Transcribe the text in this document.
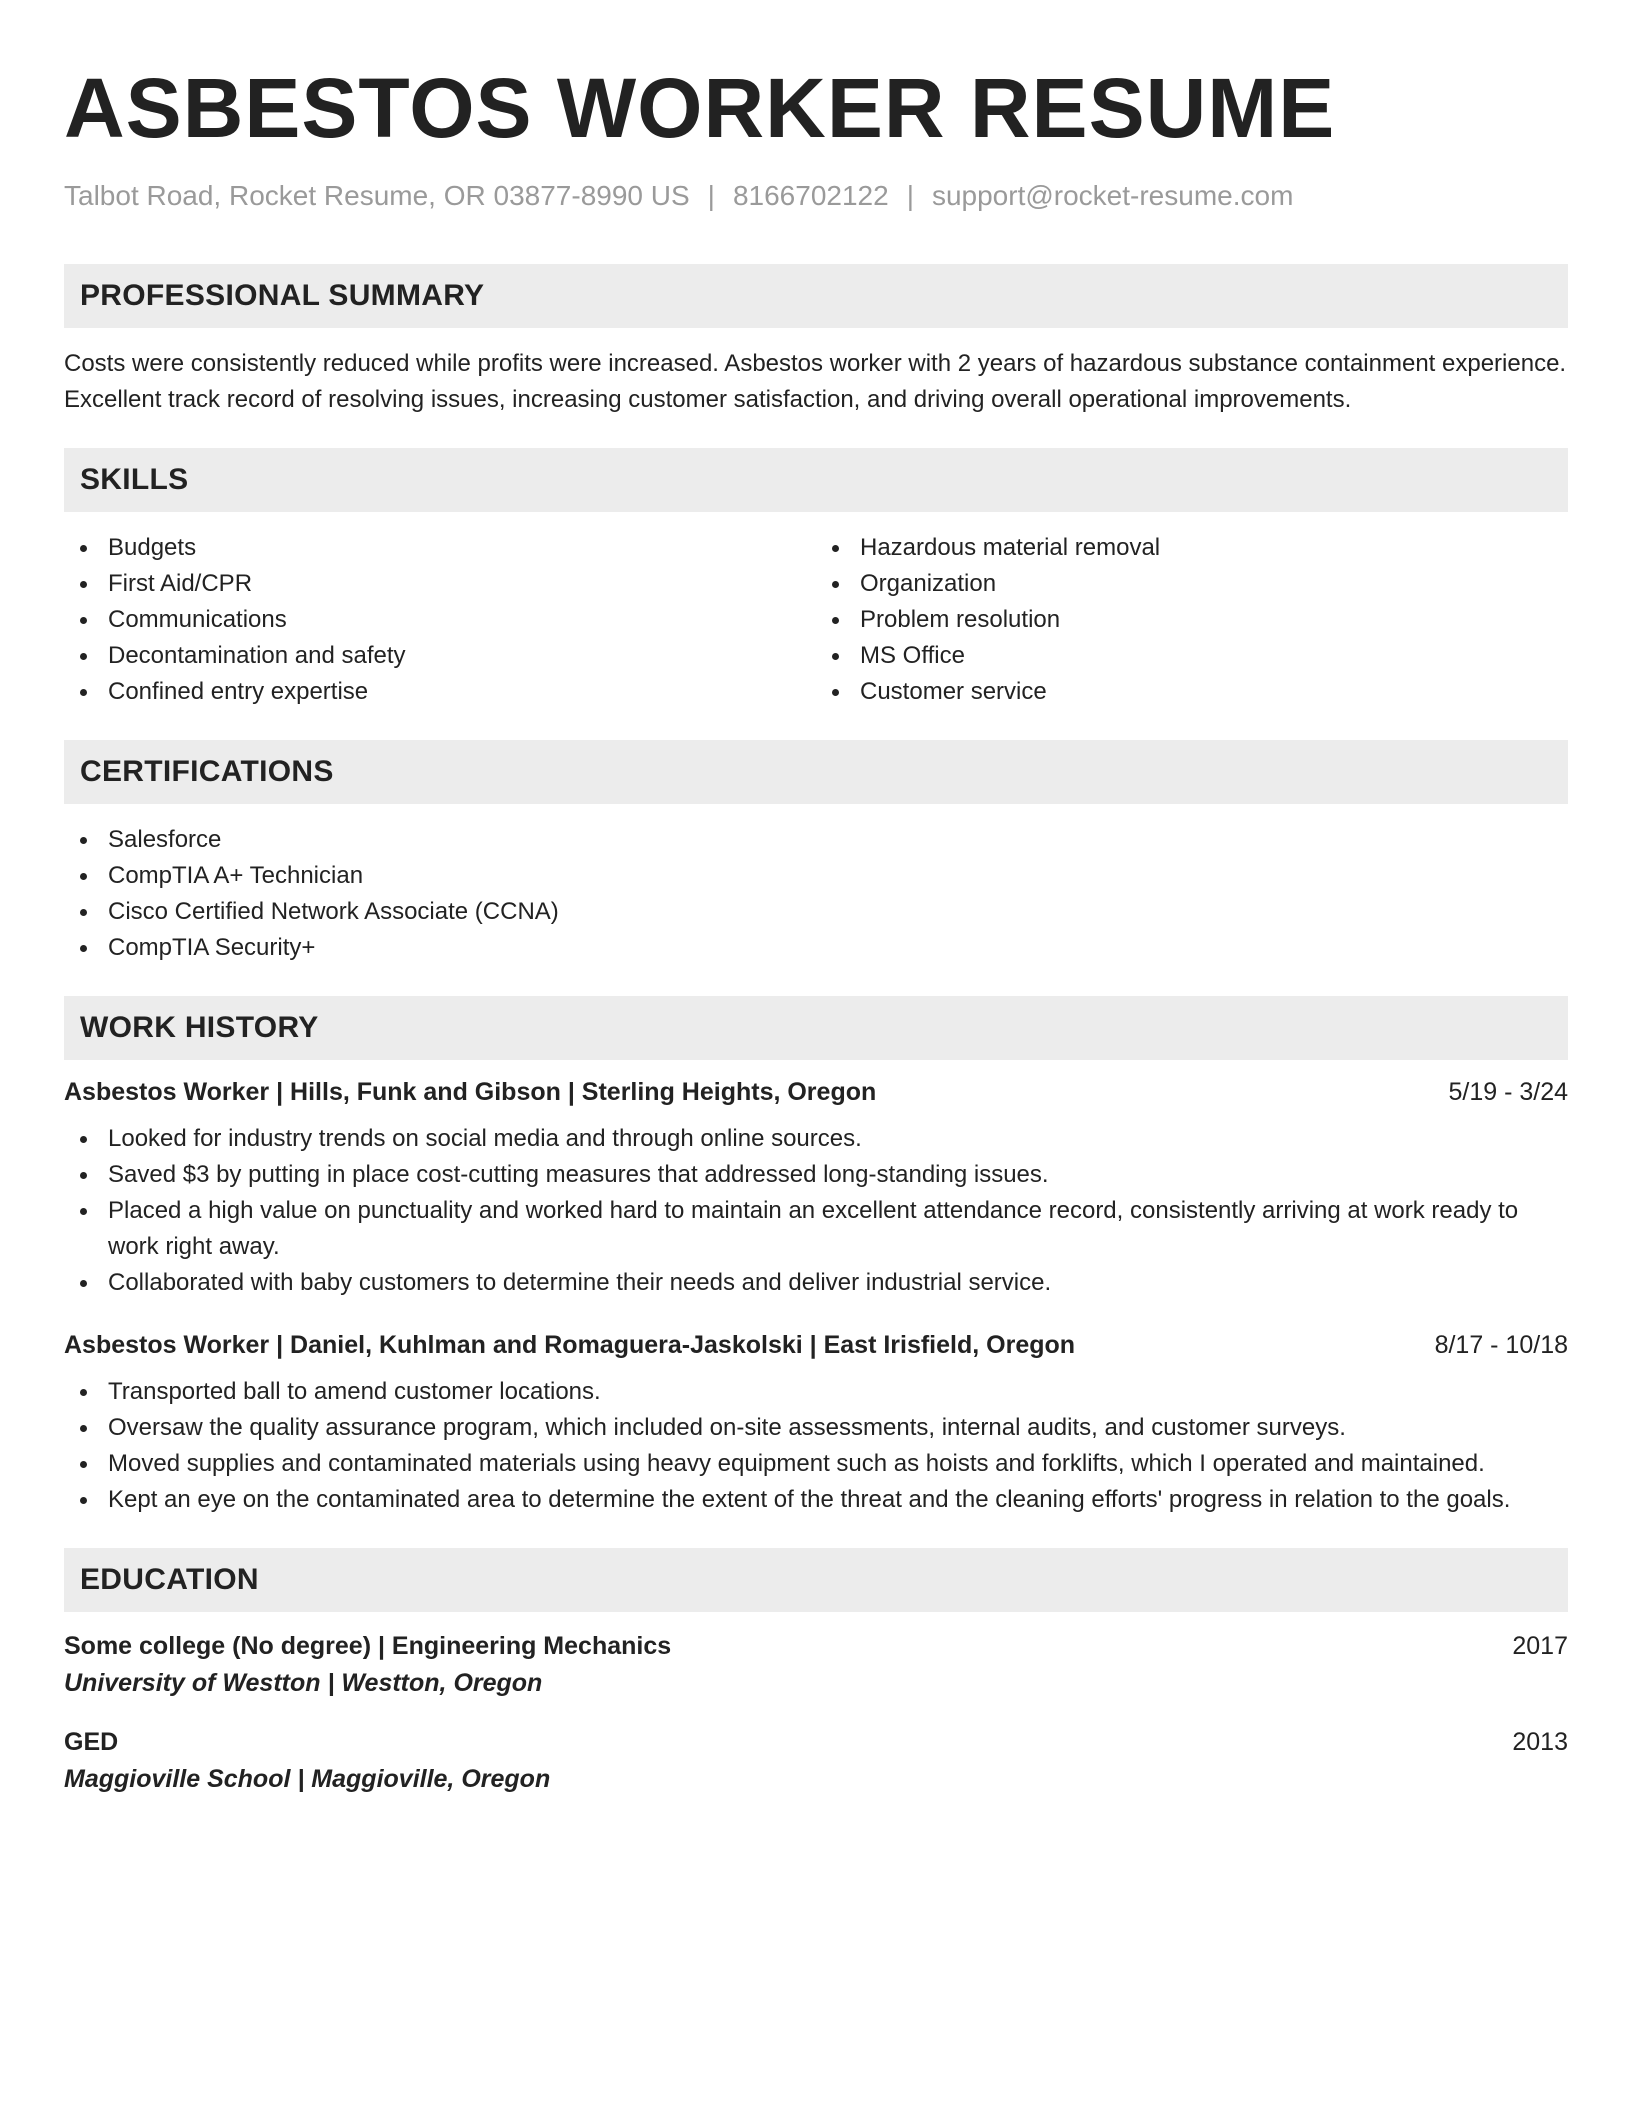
ASBESTOS WORKER RESUME
Talbot Road, Rocket Resume, OR 03877-8990 US | 8166702122 | support@rocket-resume.com
PROFESSIONAL SUMMARY

Costs were consistently reduced while profits were increased. Asbestos worker with 2 years of hazardous substance containment experience. Excellent track record of resolving issues, increasing customer satisfaction, and driving overall operational improvements.

SKILLS
Budgets
First Aid/CPR
Communications
Decontamination and safety
Confined entry expertise
Hazardous material removal
Organization
Problem resolution
MS Office
Customer service
CERTIFICATIONS
Salesforce
CompTIA A+ Technician
Cisco Certified Network Associate (CCNA)
CompTIA Security+
WORK HISTORY
Asbestos Worker | Hills, Funk and Gibson | Sterling Heights, Oregon	5/19 - 3/24
Looked for industry trends on social media and through online sources.
Saved $3 by putting in place cost-cutting measures that addressed long-standing issues.
Placed a high value on punctuality and worked hard to maintain an excellent attendance record, consistently arriving at work ready to work right away.
Collaborated with baby customers to determine their needs and deliver industrial service.
Asbestos Worker | Daniel, Kuhlman and Romaguera-Jaskolski | East Irisfield, Oregon	8/17 - 10/18
Transported ball to amend customer locations.
Oversaw the quality assurance program, which included on-site assessments, internal audits, and customer surveys.
Moved supplies and contaminated materials using heavy equipment such as hoists and forklifts, which I operated and maintained.
Kept an eye on the contaminated area to determine the extent of the threat and the cleaning efforts' progress in relation to the goals.
EDUCATION
Some college (No degree) | Engineering Mechanics	2017
University of Westton | Westton, Oregon
GED	2013
Maggioville School | Maggioville, Oregon
